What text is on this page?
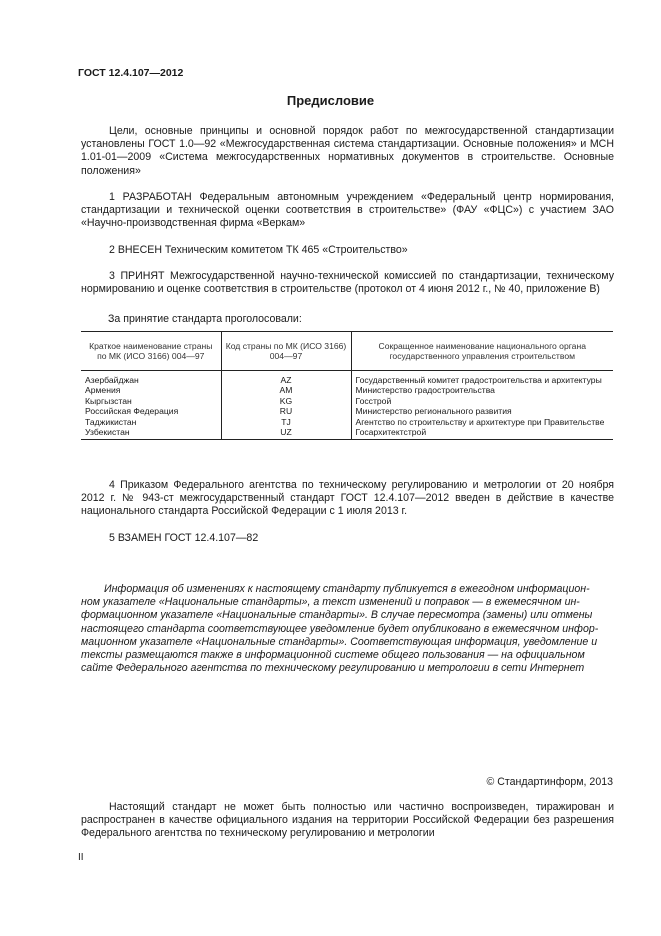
ГОСТ 12.4.107—2012
Предисловие
Цели, основные принципы и основной порядок работ по межгосударственной стандартизации установлены ГОСТ 1.0—92 «Межгосударственная система стандартизации. Основные положения» и МСН 1.01-01—2009 «Система межгосударственных нормативных документов в строительстве. Основные положения»
1 РАЗРАБОТАН Федеральным автономным учреждением «Федеральный центр нормирования, стандартизации и технической оценки соответствия в строительстве» (ФАУ «ФЦС») с участием ЗАО «Научно-производственная фирма «Веркам»
2 ВНЕСЕН Техническим комитетом ТК 465 «Строительство»
3 ПРИНЯТ Межгосударственной научно-технической комиссией по стандартизации, техническому нормированию и оценке соответствия в строительстве (протокол от 4 июня 2012 г., № 40, приложение В)
За принятие стандарта проголосовали:
Краткое наименование страны по МК (ИСО 3166) 004—97	Код страны по МК (ИСО 3166) 004—97	Сокращенное наименование национального органа государственного управления строительством
Азербайджан	AZ	Государственный комитет градостроительства и архитектуры
Армения	AM	Министерство градостроительства
Кыргызстан	KG	Госстрой
Российская Федерация	RU	Министерство регионального развития
Таджикистан	TJ	Агентство по строительству и архитектуре при Правительстве
Узбекистан	UZ	Госархитектстрой
4 Приказом Федерального агентства по техническому регулированию и метрологии от 20 ноября 2012 г. № 943-ст межгосударственный стандарт ГОСТ 12.4.107—2012 введен в действие в качестве национального стандарта Российской Федерации с 1 июля 2013 г.
5 ВЗАМЕН ГОСТ 12.4.107—82
Информация об изменениях к настоящему стандарту публикуется в ежегодном информацион-
ном указателе «Национальные стандарты», а текст изменений и поправок — в ежемесячном ин-
формационном указателе «Национальные стандарты». В случае пересмотра (замены) или отмены
настоящего стандарта соответствующее уведомление будет опубликовано в ежемесячном инфор-
мационном указателе «Национальные стандарты». Соответствующая информация, уведомление и
тексты размещаются также в информационной системе общего пользования — на официальном
сайте Федерального агентства по техническому регулированию и метрологии в сети Интернет
© Стандартинформ, 2013
Настоящий стандарт не может быть полностью или частично воспроизведен, тиражирован и распространен в качестве официального издания на территории Российской Федерации без разрешения Федерального агентства по техническому регулированию и метрологии
II
